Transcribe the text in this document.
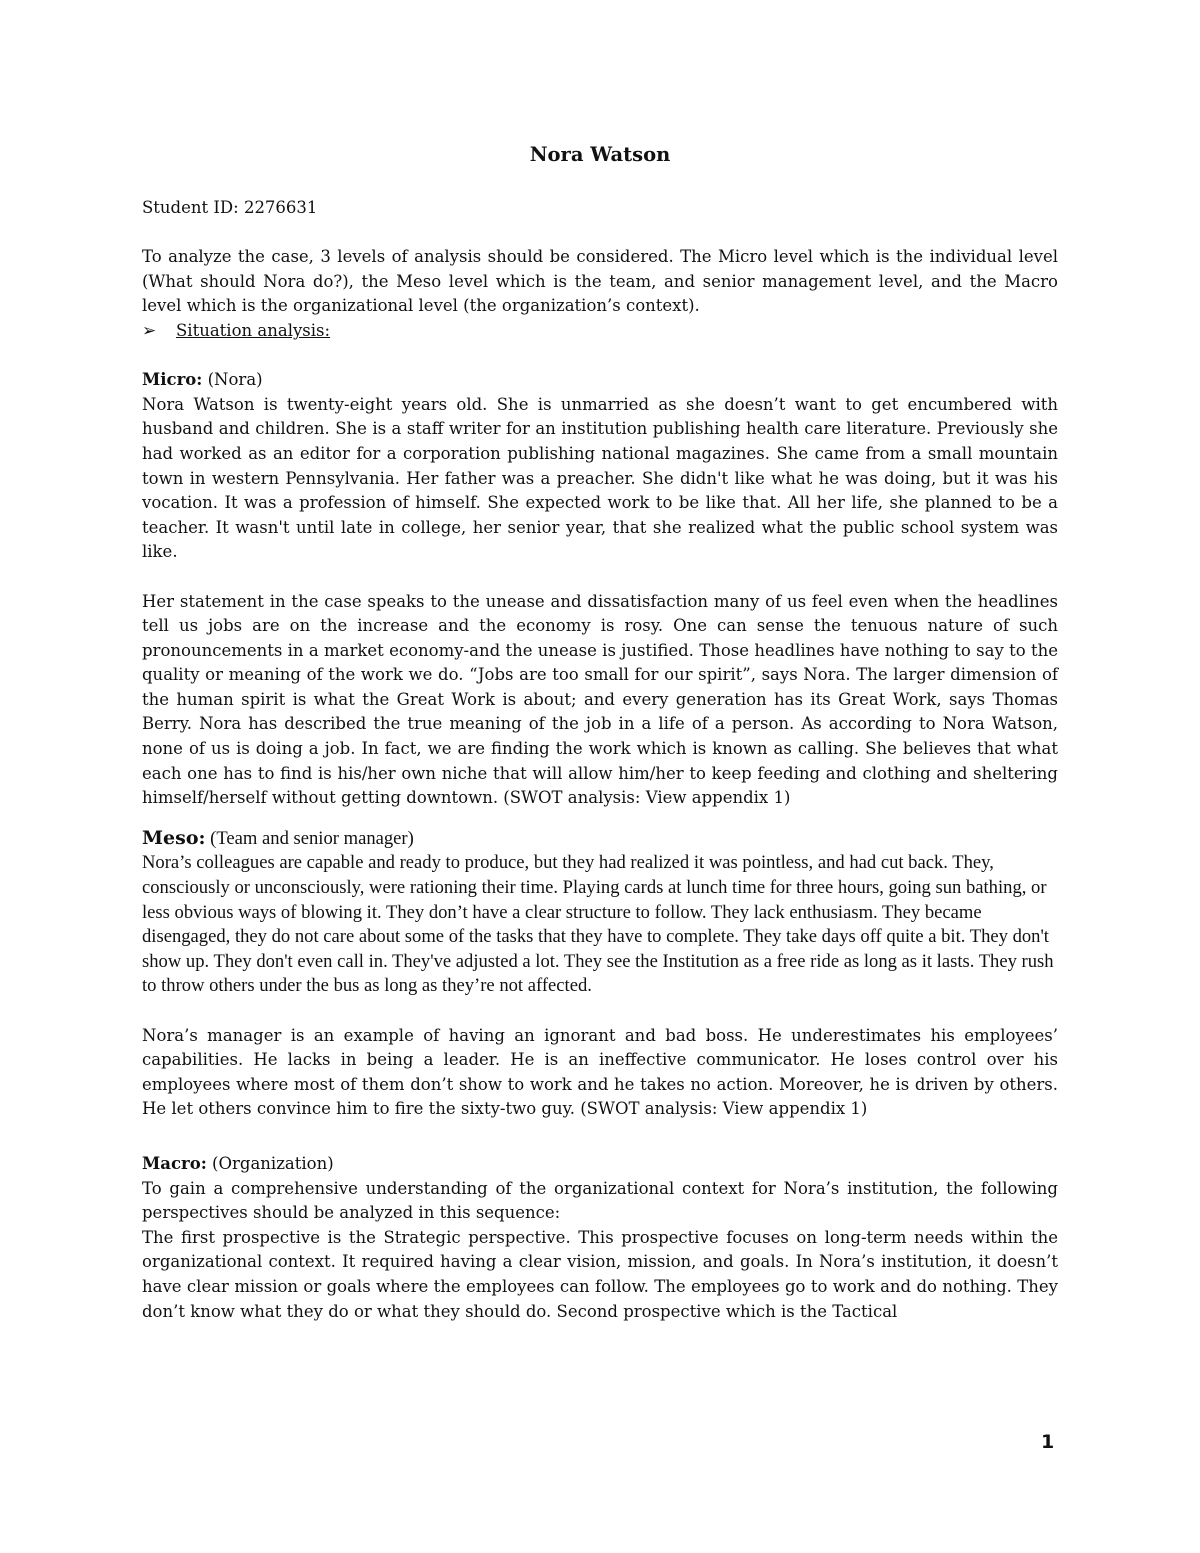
Nora Watson

Student ID: 2276631

To analyze the case, 3 levels of analysis should be considered. The Micro level which is the individual level (What should Nora do?), the Meso level which is the team, and senior management level, and the Macro level which is the organizational level (the organization’s context).

➢	Situation analysis:

Micro: (Nora)

Nora Watson is twenty-eight years old. She is unmarried as she doesn’t want to get encumbered with husband and children. She is a staff writer for an institution publishing health care literature. Previously she had worked as an editor for a corporation publishing national magazines. She came from a small mountain town in western Pennsylvania. Her father was a preacher. She didn't like what he was doing, but it was his vocation. It was a profession of himself. She expected work to be like that. All her life, she planned to be a teacher. It wasn't until late in college, her senior year, that she realized what the public school system was like.

Her statement in the case speaks to the unease and dissatisfaction many of us feel even when the headlines tell us jobs are on the increase and the economy is rosy. One can sense the tenuous nature of such pronouncements in a market economy-and the unease is justified. Those headlines have nothing to say to the quality or meaning of the work we do. “Jobs are too small for our spirit”, says Nora. The larger dimension of the human spirit is what the Great Work is about; and every generation has its Great Work, says Thomas Berry. Nora has described the true meaning of the job in a life of a person. As according to Nora Watson, none of us is doing a job. In fact, we are finding the work which is known as calling. She believes that what each one has to find is his/her own niche that will allow him/her to keep feeding and clothing and sheltering himself/herself without getting downtown. (SWOT analysis: View appendix 1)

Meso: (Team and senior manager)

Nora’s colleagues are capable and ready to produce, but they had realized it was pointless, and had cut back. They, consciously or unconsciously, were rationing their time. Playing cards at lunch time for three hours, going sun bathing, or less obvious ways of blowing it. They don’t have a clear structure to follow. They lack enthusiasm. They became disengaged, they do not care about some of the tasks that they have to complete. They take days off quite a bit. They don't show up. They don't even call in. They've adjusted a lot. They see the Institution as a free ride as long as it lasts. They rush to throw others under the bus as long as they’re not affected.

Nora’s manager is an example of having an ignorant and bad boss. He underestimates his employees’ capabilities. He lacks in being a leader. He is an ineffective communicator. He loses control over his employees where most of them don’t show to work and he takes no action. Moreover, he is driven by others. He let others convince him to fire the sixty-two guy. (SWOT analysis: View appendix 1)

Macro: (Organization)

To gain a comprehensive understanding of the organizational context for Nora’s institution, the following perspectives should be analyzed in this sequence:

The first prospective is the Strategic perspective. This prospective focuses on long-term needs within the organizational context. It required having a clear vision, mission, and goals. In Nora’s institution, it doesn’t have clear mission or goals where the employees can follow. The employees go to work and do nothing. They don’t know what they do or what they should do. Second prospective which is the Tactical

1
